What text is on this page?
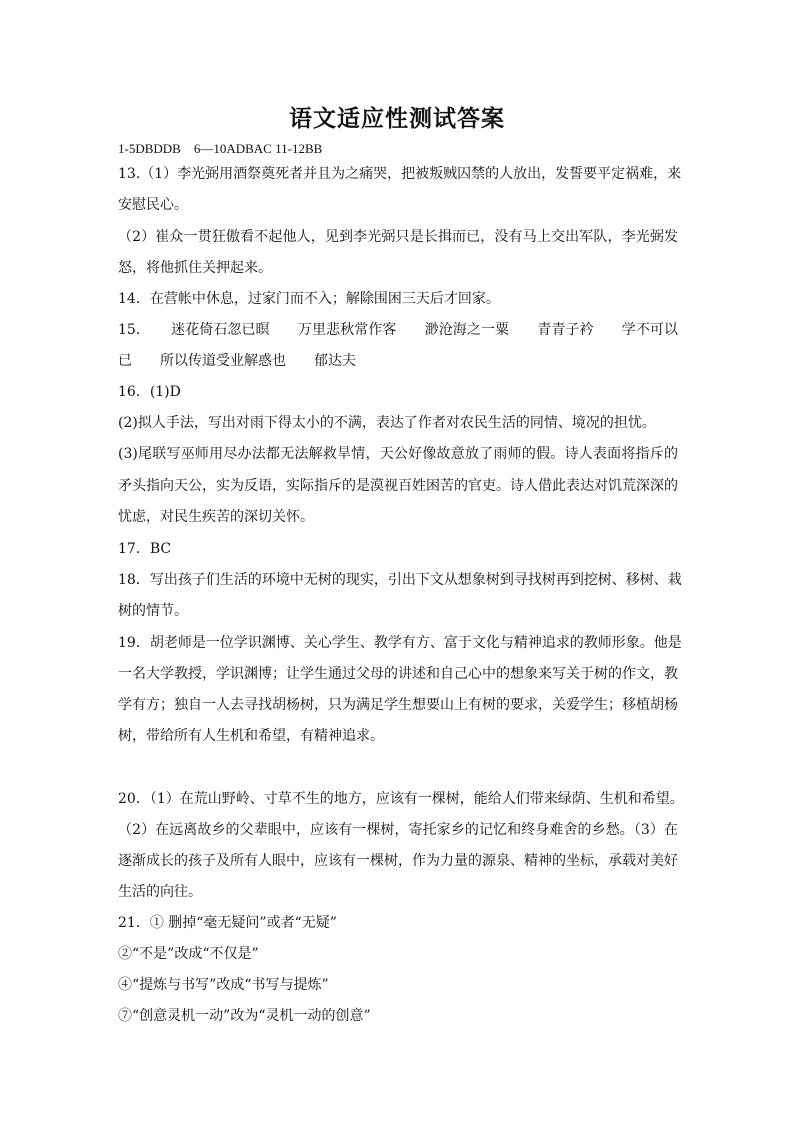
语文适应性测试答案
1-5DBDDB　6—10ADBAC 11-12BB
13.（1）李光弼用酒祭奠死者并且为之痛哭，把被叛贼囚禁的人放出，发誓要平定祸难，来
安慰民心。
（2）崔众一贯狂傲看不起他人，见到李光弼只是长揖而已，没有马上交出军队，李光弼发
怒，将他抓住关押起来。
14．在营帐中休息，过家门而不入；解除围困三天后才回家。
15．　　迷花倚石忽已暝　　万里悲秋常作客　　渺沧海之一粟　　青青子衿　　学不可以
已　　所以传道受业解惑也　　郁达夫
16．(1)D
(2)拟人手法，写出对雨下得太小的不满，表达了作者对农民生活的同情、境况的担忧。
(3)尾联写巫师用尽办法都无法解救旱情，天公好像故意放了雨师的假。诗人表面将指斥的
矛头指向天公，实为反语，实际指斥的是漠视百姓困苦的官吏。诗人借此表达对饥荒深深的
忧虑，对民生疾苦的深切关怀。
17．BC
18．写出孩子们生活的环境中无树的现实，引出下文从想象树到寻找树再到挖树、移树、栽
树的情节。
19．胡老师是一位学识渊博、关心学生、教学有方、富于文化与精神追求的教师形象。他是
一名大学教授，学识渊博；让学生通过父母的讲述和自己心中的想象来写关于树的作文，教
学有方；独自一人去寻找胡杨树，只为满足学生想要山上有树的要求，关爱学生；移植胡杨
树，带给所有人生机和希望，有精神追求。
20．（1）在荒山野岭、寸草不生的地方，应该有一棵树，能给人们带来绿荫、生机和希望。
（2）在远离故乡的父辈眼中，应该有一棵树，寄托家乡的记忆和终身难舍的乡愁。（3）在
逐渐成长的孩子及所有人眼中，应该有一棵树，作为力量的源泉、精神的坐标，承载对美好
生活的向往。
21．① 删掉“毫无疑问”或者“无疑”
②“不是”改成“不仅是”
④“提炼与书写”改成“书写与提炼”
⑦“创意灵机一动”改为“灵机一动的创意”
